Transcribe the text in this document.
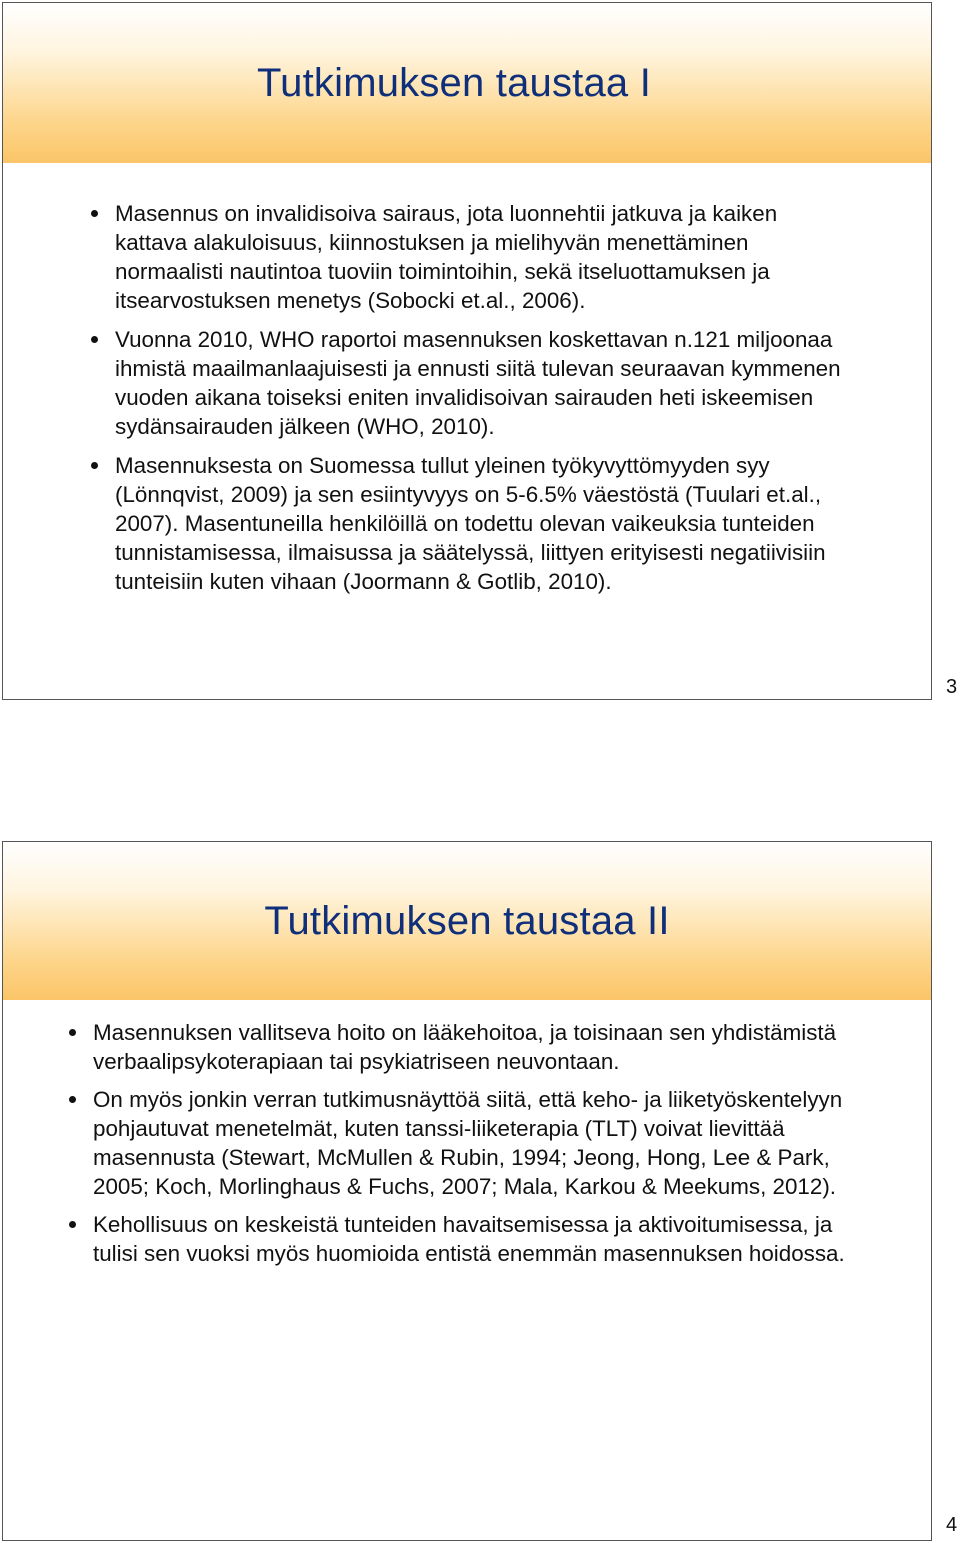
Tutkimuksen taustaa I
Masennus on invalidisoiva sairaus, jota luonnehtii jatkuva ja kaiken kattava alakuloisuus, kiinnostuksen ja mielihyvän menettäminen normaalisti nautintoa tuoviin toimintoihin, sekä itseluottamuksen ja itsearvostuksen menetys (Sobocki et.al., 2006).
Vuonna 2010, WHO raportoi masennuksen koskettavan n.121 miljoonaa ihmistä maailmanlaajuisesti ja ennusti siitä tulevan seuraavan kymmenen vuoden aikana toiseksi eniten invalidisoivan sairauden heti iskeemisen sydänsairauden jälkeen (WHO, 2010).
Masennuksesta on Suomessa tullut yleinen työkyvyttömyyden syy (Lönnqvist, 2009) ja sen esiintyvyys on 5-6.5% väestöstä (Tuulari et.al., 2007). Masentuneilla henkilöillä on todettu olevan vaikeuksia tunteiden tunnistamisessa, ilmaisussa ja säätelyssä, liittyen erityisesti negatiivisiin tunteisiin kuten vihaan (Joormann & Gotlib, 2010).
3
Tutkimuksen taustaa II
Masennuksen vallitseva hoito on lääkehoitoa, ja toisinaan sen yhdistämistä verbaalipsykoterapiaan tai psykiatriseen neuvontaan.
On myös jonkin verran tutkimusnäyttöä siitä, että keho- ja liiketyöskentelyyn pohjautuvat menetelmät, kuten tanssi-liiketerapia (TLT) voivat lievittää masennusta (Stewart, McMullen & Rubin, 1994; Jeong, Hong, Lee & Park, 2005; Koch, Morlinghaus & Fuchs, 2007; Mala, Karkou & Meekums, 2012).
Kehollisuus on keskeistä tunteiden havaitsemisessa ja aktivoitumisessa, ja tulisi sen vuoksi myös huomioida entistä enemmän masennuksen hoidossa.
4
